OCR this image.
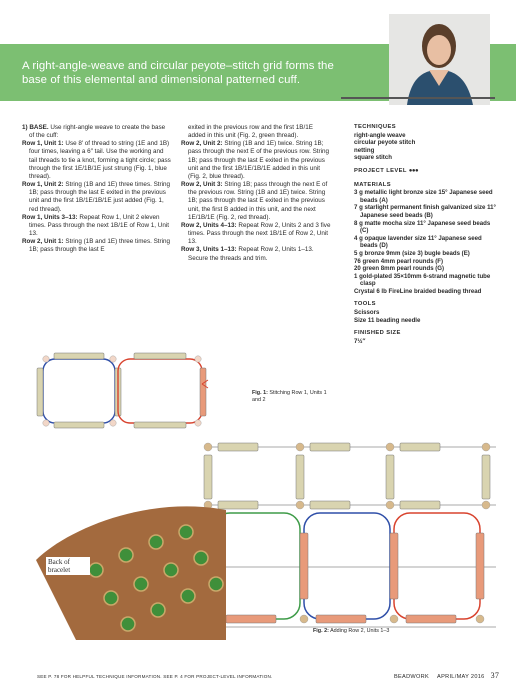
A right-angle-weave and circular peyote–stitch grid forms the base of this elemental and dimensional patterned cuff.

1) BASE. Use right-angle weave to create the base of the cuff:

Row 1, Unit 1: Use 8′ of thread to string (1E and 1B) four times, leaving a 6″ tail. Use the working and tail threads to tie a knot, forming a tight circle; pass through the first 1E/1B/1E just strung (Fig. 1, blue thread).

Row 1, Unit 2: String (1B and 1E) three times. String 1B; pass through the last E exited in the previous unit and the first 1B/1E/1B/1E just added (Fig. 1, red thread).

Row 1, Units 3–13: Repeat Row 1, Unit 2 eleven times. Pass through the next 1B/1E of Row 1, Unit 13.

Row 2, Unit 1: String (1B and 1E) three times. String 1B; pass through the last E

exited in the previous row and the first 1B/1E added in this unit (Fig. 2, green thread).

Row 2, Unit 2: String (1B and 1E) twice. String 1B; pass through the next E of the previous row. String 1B; pass through the last E exited in the previous unit and the first 1B/1E/1B/1E added in this unit (Fig. 2, blue thread).

Row 2, Unit 3: String 1B; pass through the next E of the previous row. String (1B and 1E) twice. String 1B; pass through the last E exited in the previous unit, the first B added in this unit, and the next 1E/1B/1E (Fig. 2, red thread).

Row 2, Units 4–13: Repeat Row 2, Units 2 and 3 five times. Pass through the next 1B/1E of Row 2, Unit 13.

Row 3, Units 1–13: Repeat Row 2, Units 1–13. Secure the threads and trim.

TECHNIQUES
right-angle weave
circular peyote stitch
netting
square stitch
PROJECT LEVEL ●●●
MATERIALS
3 g metallic light bronze size 15° Japanese seed beads (A)
7 g starlight permanent finish galvanized size 11° Japanese seed beads (B)
8 g matte mocha size 11° Japanese seed beads (C)
4 g opaque lavender size 11° Japanese seed beads (D)
5 g bronze 9mm (size 3) bugle beads (E)
76 green 4mm pearl rounds (F)
20 green 8mm pearl rounds (G)
1 gold-plated 35×10mm 6-strand magnetic tube clasp
Crystal 6 lb FireLine braided beading thread
TOOLS
Scissors
Size 11 beading needle
FINISHED SIZE
7½″
Fig. 1: Stitching Row 1, Units 1 and 2
Fig. 2: Adding Row 2, Units 1–3
Back of bracelet
SEE P. 78 FOR HELPFUL TECHNIQUE INFORMATION. SEE P. 4 FOR PROJECT-LEVEL INFORMATION.	BEADWORK APRIL/MAY 2016 37
